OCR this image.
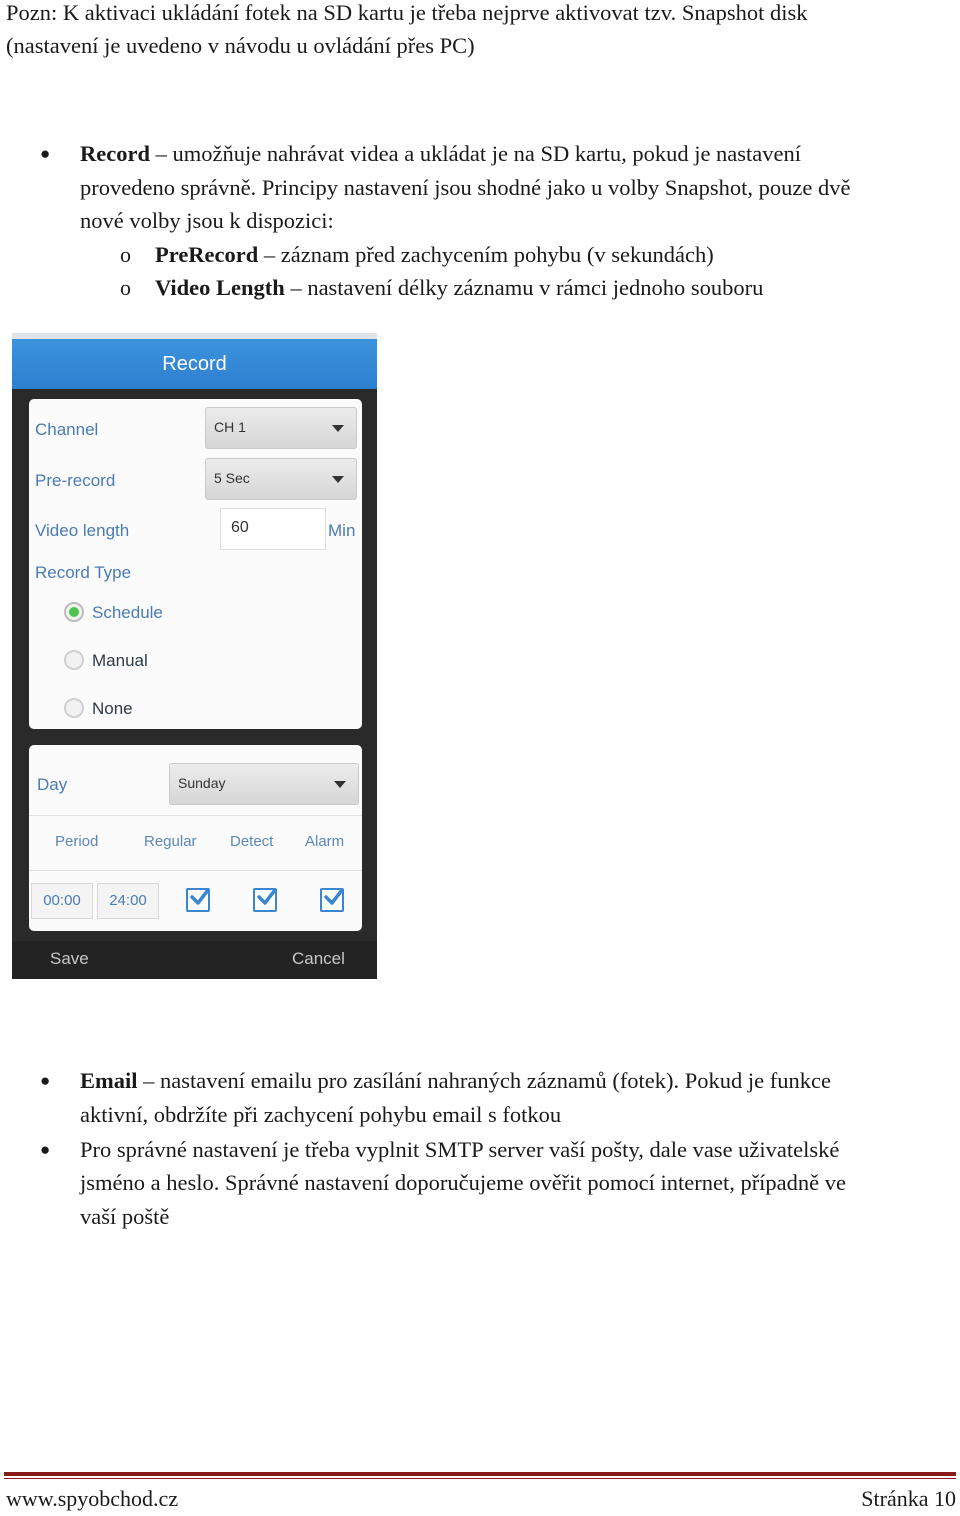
Pozn: K aktivaci ukládání fotek na SD kartu je třeba nejprve aktivovat tzv. Snapshot disk
(nastavení je uvedeno v návodu u ovládání přes PC)
● Record – umožňuje nahrávat videa a ukládat je na SD kartu, pokud je nastavení
provedeno správně. Principy nastavení jsou shodné jako u volby Snapshot, pouze dvě
nové volby jsou k dispozici:
o PreRecord – záznam před zachycením pohybu (v sekundách)
o Video Length – nastavení délky záznamu v rámci jednoho souboru
Record
Channel	CH 1
Pre-record	5 Sec
Video length	60	Min
Record Type
Schedule
Manual
None
Day	Sunday
Period	Regular Detect Alarm
00:00	24:00
Save	Cancel
● Email – nastavení emailu pro zasílání nahraných záznamů (fotek). Pokud je funkce
aktivní, obdržíte při zachycení pohybu email s fotkou
● Pro správné nastavení je třeba vyplnit SMTP server vaší pošty, dale vase uživatelské
jsméno a heslo. Správné nastavení doporučujeme ověřit pomocí internet, případně ve
vaší poště
www.spyobchod.cz	Stránka 10
